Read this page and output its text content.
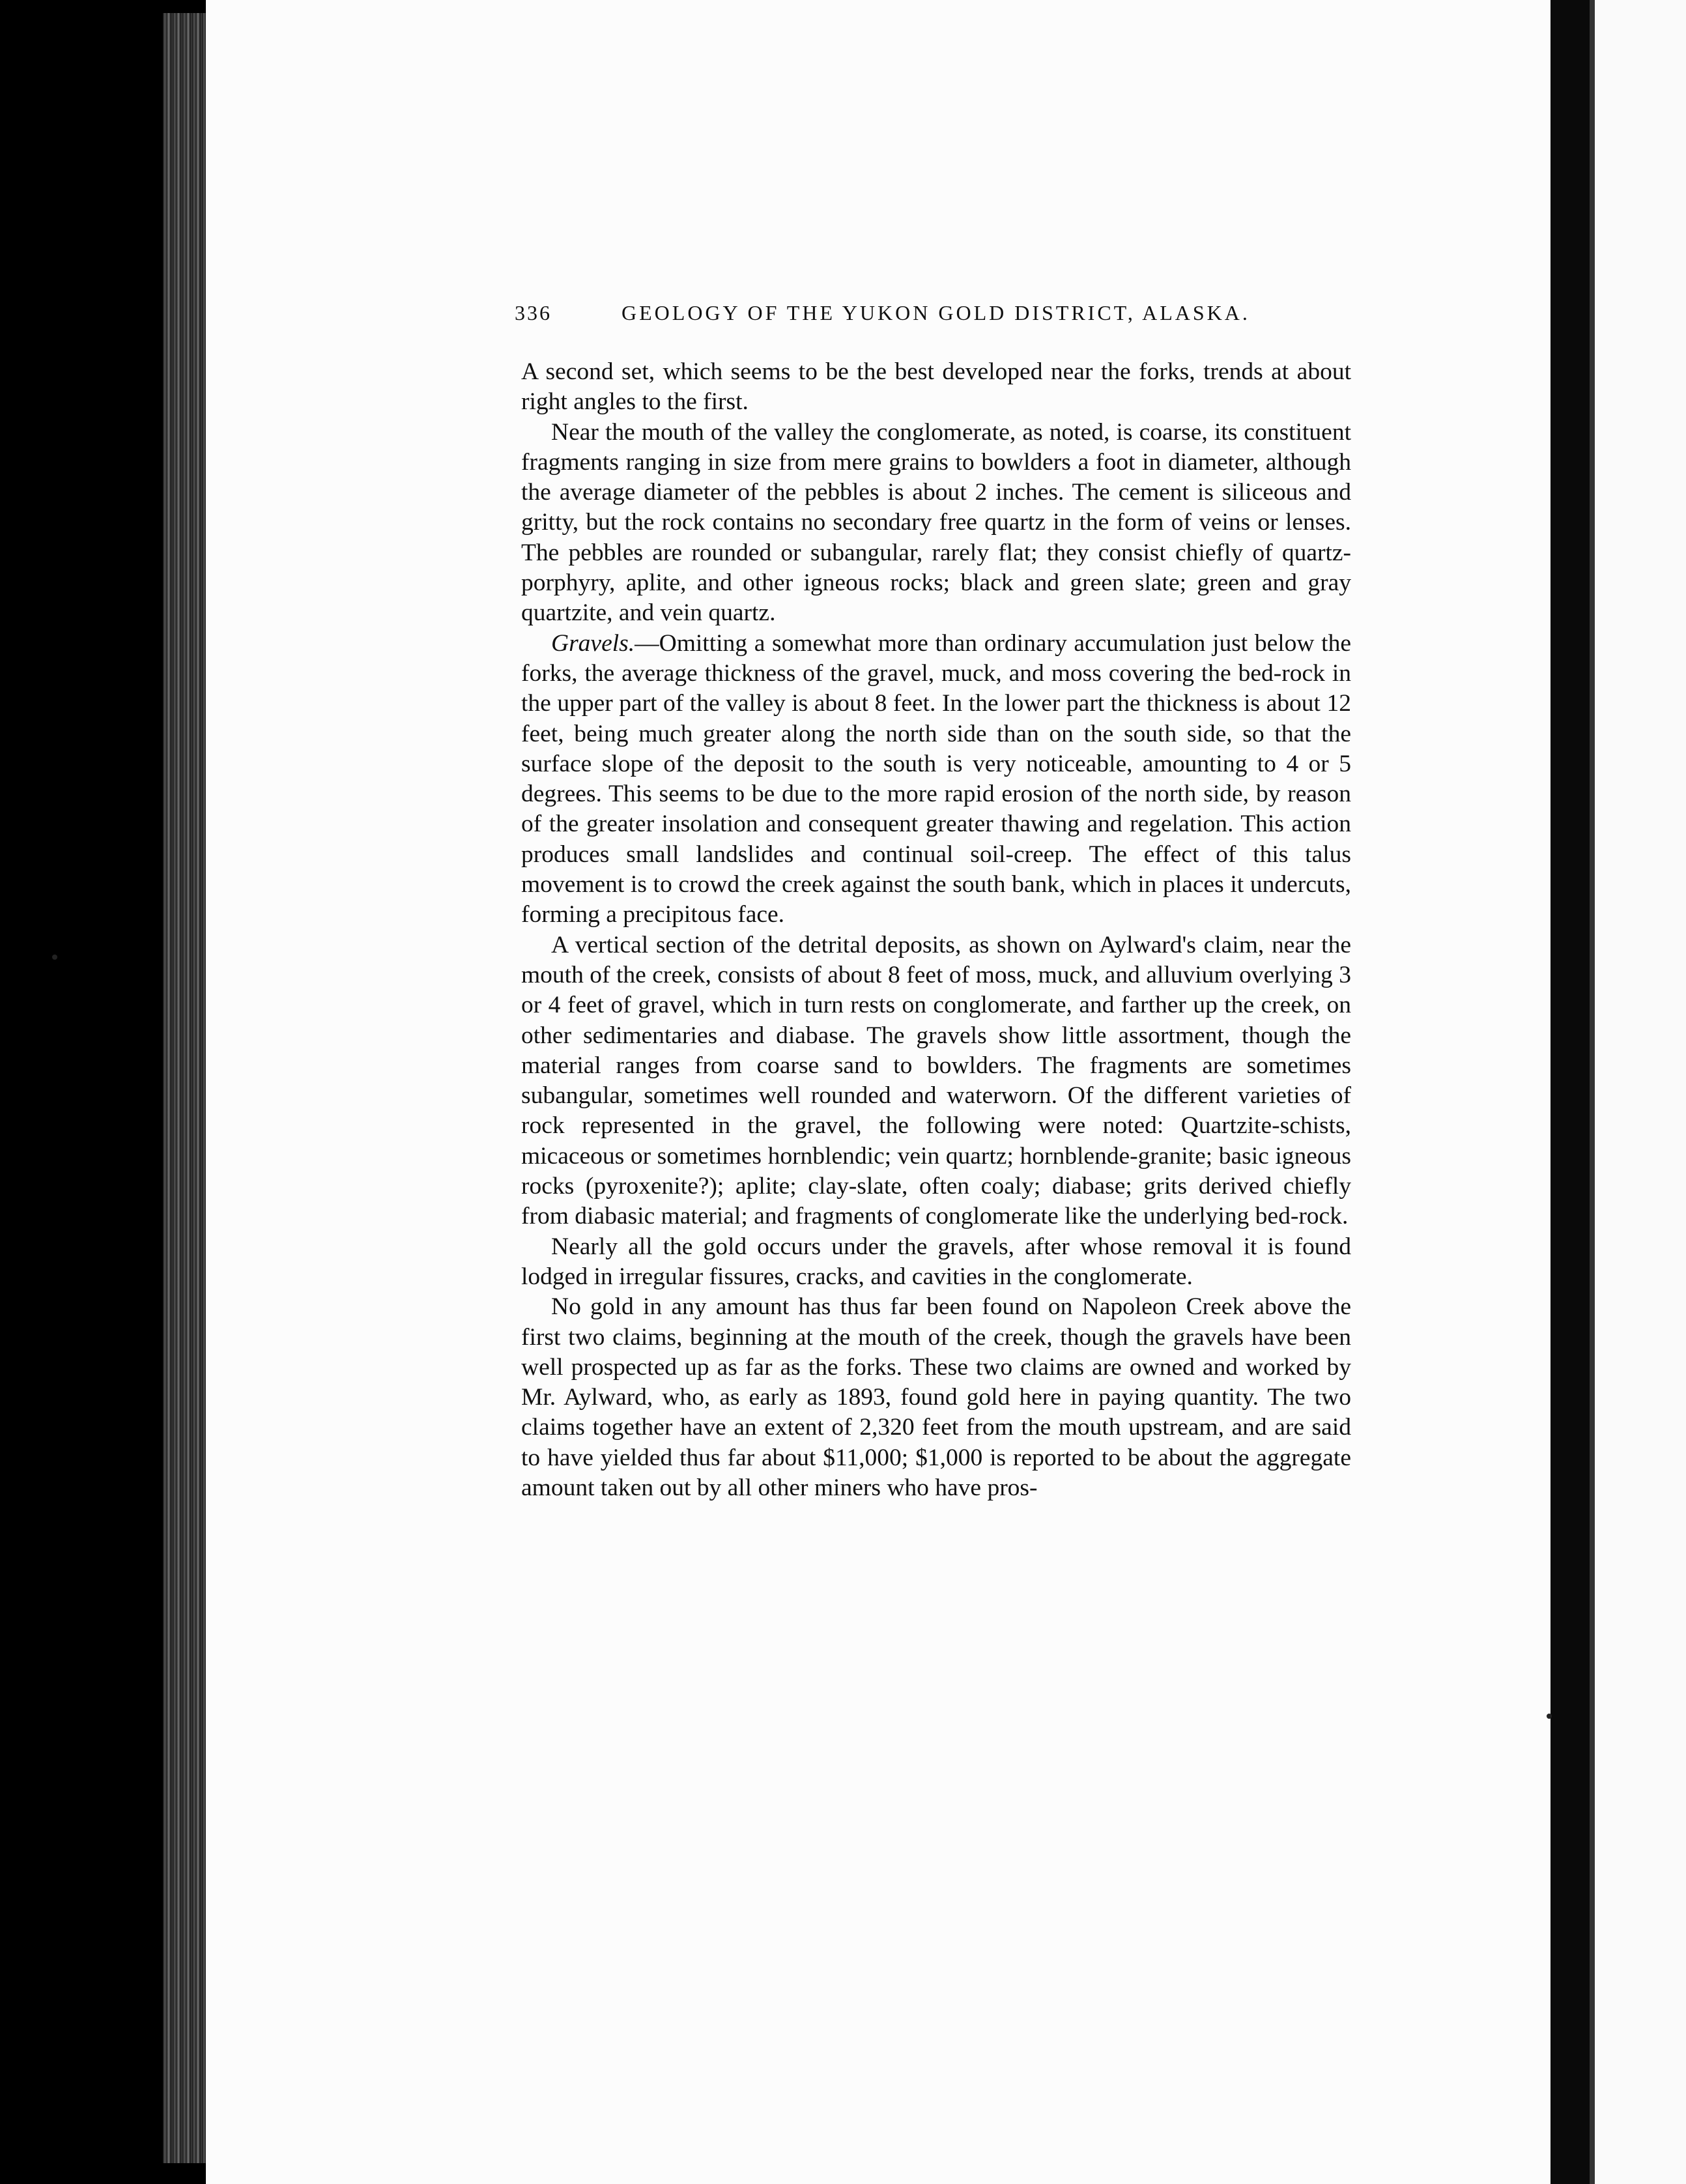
336	GEOLOGY OF THE YUKON GOLD DISTRICT, ALASKA.

A second set, which seems to be the best developed near the forks, trends at about right angles to the first.

Near the mouth of the valley the conglomerate, as noted, is coarse, its constituent fragments ranging in size from mere grains to bowlders a foot in diameter, although the average diameter of the pebbles is about 2 inches. The cement is siliceous and gritty, but the rock contains no secondary free quartz in the form of veins or lenses. The pebbles are rounded or subangular, rarely flat; they consist chiefly of quartz-porphyry, aplite, and other igneous rocks; black and green slate; green and gray quartzite, and vein quartz.

Gravels.—Omitting a somewhat more than ordinary accumulation just below the forks, the average thickness of the gravel, muck, and moss covering the bed-rock in the upper part of the valley is about 8 feet. In the lower part the thickness is about 12 feet, being much greater along the north side than on the south side, so that the surface slope of the deposit to the south is very noticeable, amounting to 4 or 5 degrees. This seems to be due to the more rapid erosion of the north side, by reason of the greater insolation and consequent greater thawing and regelation. This action produces small landslides and continual soil-creep. The effect of this talus movement is to crowd the creek against the south bank, which in places it undercuts, forming a precipitous face.

A vertical section of the detrital deposits, as shown on Aylward's claim, near the mouth of the creek, consists of about 8 feet of moss, muck, and alluvium overlying 3 or 4 feet of gravel, which in turn rests on conglomerate, and farther up the creek, on other sedimentaries and diabase. The gravels show little assortment, though the material ranges from coarse sand to bowlders. The fragments are sometimes subangular, sometimes well rounded and waterworn. Of the different varieties of rock represented in the gravel, the following were noted: Quartzite-schists, micaceous or sometimes hornblendic; vein quartz; hornblende-granite; basic igneous rocks (pyroxenite?); aplite; clay-slate, often coaly; diabase; grits derived chiefly from diabasic material; and fragments of conglomerate like the underlying bed-rock.

Nearly all the gold occurs under the gravels, after whose removal it is found lodged in irregular fissures, cracks, and cavities in the conglomerate.

No gold in any amount has thus far been found on Napoleon Creek above the first two claims, beginning at the mouth of the creek, though the gravels have been well prospected up as far as the forks. These two claims are owned and worked by Mr. Aylward, who, as early as 1893, found gold here in paying quantity. The two claims together have an extent of 2,320 feet from the mouth upstream, and are said to have yielded thus far about $11,000; $1,000 is reported to be about the aggregate amount taken out by all other miners who have pros-
